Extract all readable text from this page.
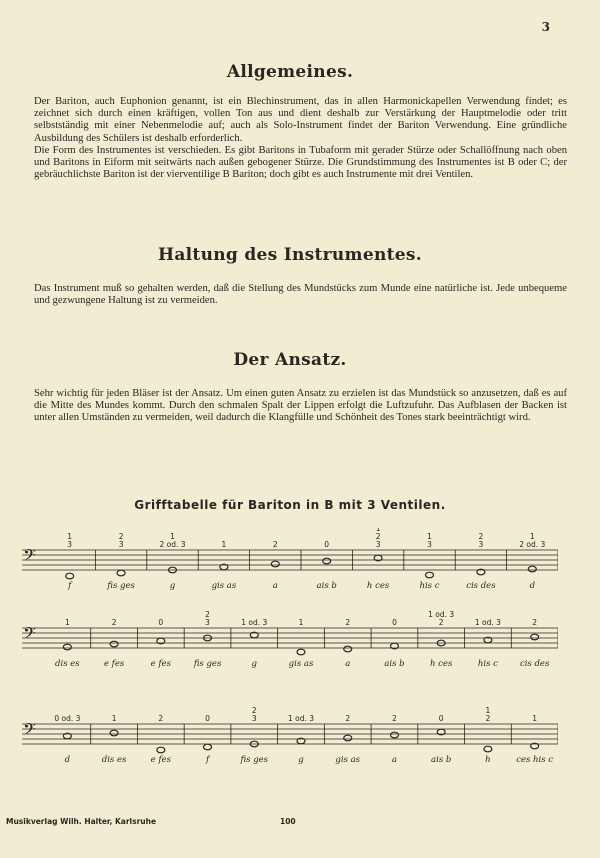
3
Allgemeines.

Der Bariton, auch Euphonion genannt, ist ein Blechinstrument, das in allen Harmonickapellen Verwendung findet; es zeichnet sich durch einen kräftigen, vollen Ton aus und dient deshalb zur Verstärkung der Hauptmelodie oder tritt selbstständig mit einer Nebenmelodie auf; auch als Solo-Instrument findet der Bariton Verwendung. Eine gründliche Ausbildung des Schülers ist deshalb erforderlich.

Die Form des Instrumentes ist verschieden. Es gibt Baritons in Tubaform mit gerader Stürze oder Schallöffnung nach oben und Baritons in Eiform mit seitwärts nach außen gebogener Stürze. Die Grundstimmung des Instrumentes ist B oder C; der gebräuchlichste Bariton ist der vierventilige B Bariton; doch gibt es auch Instrumente mit drei Ventilen.

Haltung des Instrumentes.

Das Instrument muß so gehalten werden, daß die Stellung des Mundstücks zum Munde eine natürliche ist. Jede unbequeme und gezwungene Haltung ist zu vermeiden.

Der Ansatz.

Sehr wichtig für jeden Bläser ist der Ansatz. Um einen guten Ansatz zu erzielen ist das Mundstück so anzusetzen, daß es auf die Mitte des Mundes kommt. Durch den schmalen Spalt der Lippen erfolgt die Luftzufuhr. Das Aufblasen der Backen ist unter allen Umständen zu vermeiden, weil dadurch die Klangfülle und Schönheit des Tones stark beeinträchtigt wird.

Grifftabelle für Bariton in B mit 3 Ventilen.
𝄢
1
3
f
2
3
fis ges
1
2 od. 3
g
1
gis as
2
a
0
ais b
1
2
3
h ces
1
3
his c
2
3
cis des
1
2 od. 3
d
𝄢
1
dis es
2
e fes
0
e fes
2
3
fis ges
1 od. 3
g
1
gis as
2
a
0
ais b
1 od. 3
2
h ces
1 od. 3
his c
2
cis des
𝄢
0 od. 3
d
1
dis es
2
e fes
0
f
2
3
fis ges
1 od. 3
g
2
gis as
2
a
0
ais b
1
2
h
1
ces his c
Musikverlag Wilh. Halter, Karlsruhe	100
